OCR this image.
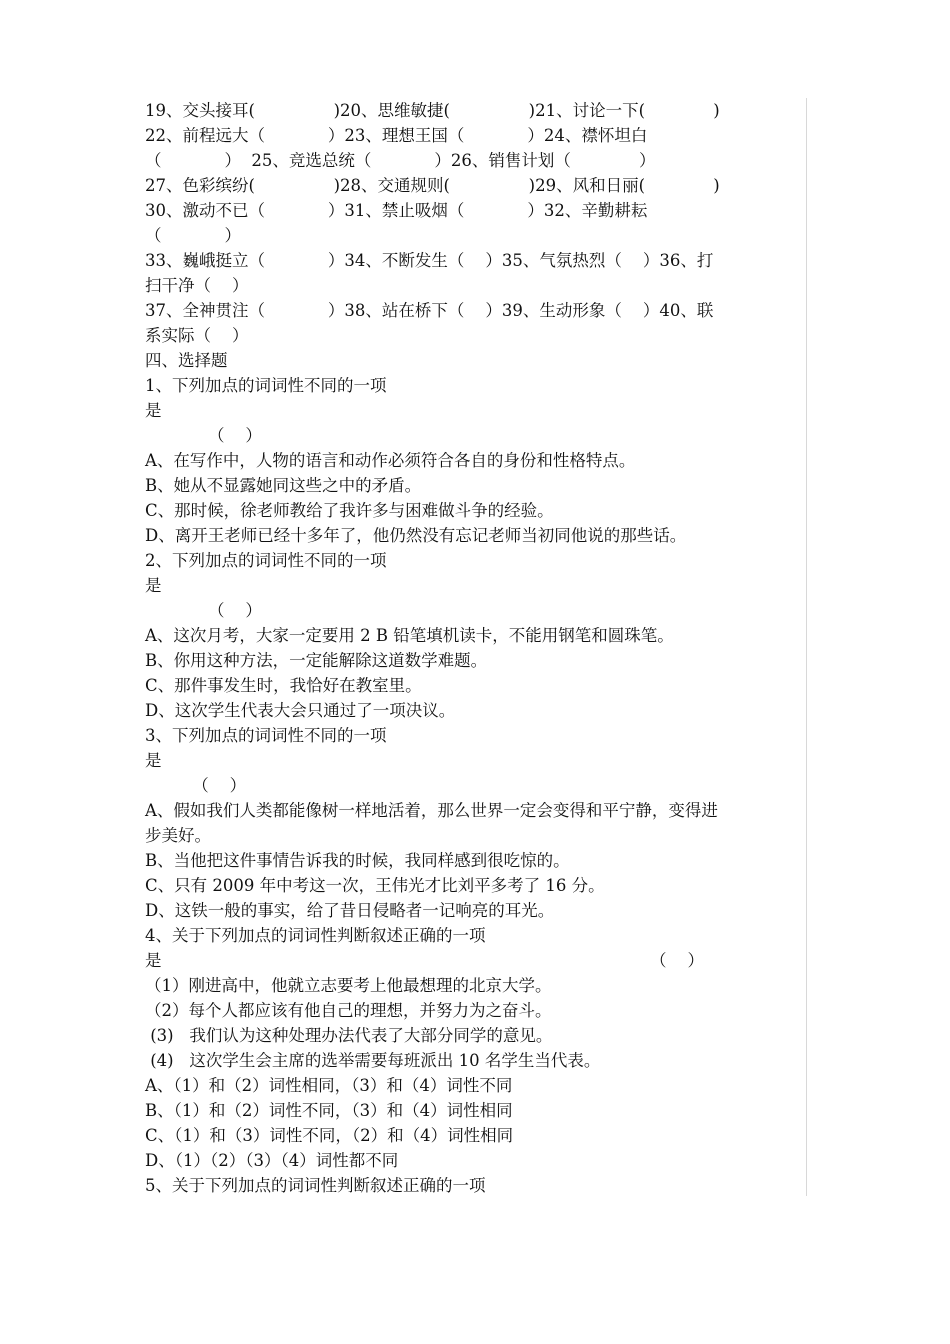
19、交头接耳(               )20、思维敏捷(               )21、讨论一下(             )
22、前程远大（            ）23、理想王国（            ）24、襟怀坦白
（            ）  25、竞选总统（            ）26、销售计划（             ）
27、色彩缤纷(               )28、交通规则(               )29、风和日丽(             )
30、激动不已（            ）31、禁止吸烟（            ）32、辛勤耕耘
（            ）
33、巍峨挺立（            ）34、不断发生（    ）35、气氛热烈（    ）36、打
扫干净（    ）
37、全神贯注（            ）38、站在桥下（    ）39、生动形象（    ）40、联
系实际（    ）
四、选择题
1、下列加点的词词性不同的一项
是
（    ）
A、在写作中，人物的语言和动作必须符合各自的身份和性格特点。
B、她从不显露她同这些之中的矛盾。
C、那时候，徐老师教给了我许多与困难做斗争的经验。
D、离开王老师已经十多年了，他仍然没有忘记老师当初同他说的那些话。
2、下列加点的词词性不同的一项
是
（    ）
A、这次月考，大家一定要用 2 B 铅笔填机读卡，不能用钢笔和圆珠笔。
B、你用这种方法，一定能解除这道数学难题。
C、那件事发生时，我恰好在教室里。
D、这次学生代表大会只通过了一项决议。
3、下列加点的词词性不同的一项
是
（    ）
A、假如我们人类都能像树一样地活着，那么世界一定会变得和平宁静，变得进
步美好。
B、当他把这件事情告诉我的时候，我同样感到很吃惊的。
C、只有 2009 年中考这一次，王伟光才比刘平多考了 16 分。
D、这铁一般的事实，给了昔日侵略者一记响亮的耳光。
4、关于下列加点的词词性判断叙述正确的一项
是	（    ）
（1）刚进高中，他就立志要考上他最想理的北京大学。
（2）每个人都应该有他自己的理想，并努力为之奋斗。
(3)   我们认为这种处理办法代表了大部分同学的意见。
(4)   这次学生会主席的选举需要每班派出 10 名学生当代表。
A、（1）和（2）词性相同，（3）和（4）词性不同
B、（1）和（2）词性不同，（3）和（4）词性相同
C、（1）和（3）词性不同，（2）和（4）词性相同
D、（1）（2）（3）（4）词性都不同
5、关于下列加点的词词性判断叙述正确的一项
